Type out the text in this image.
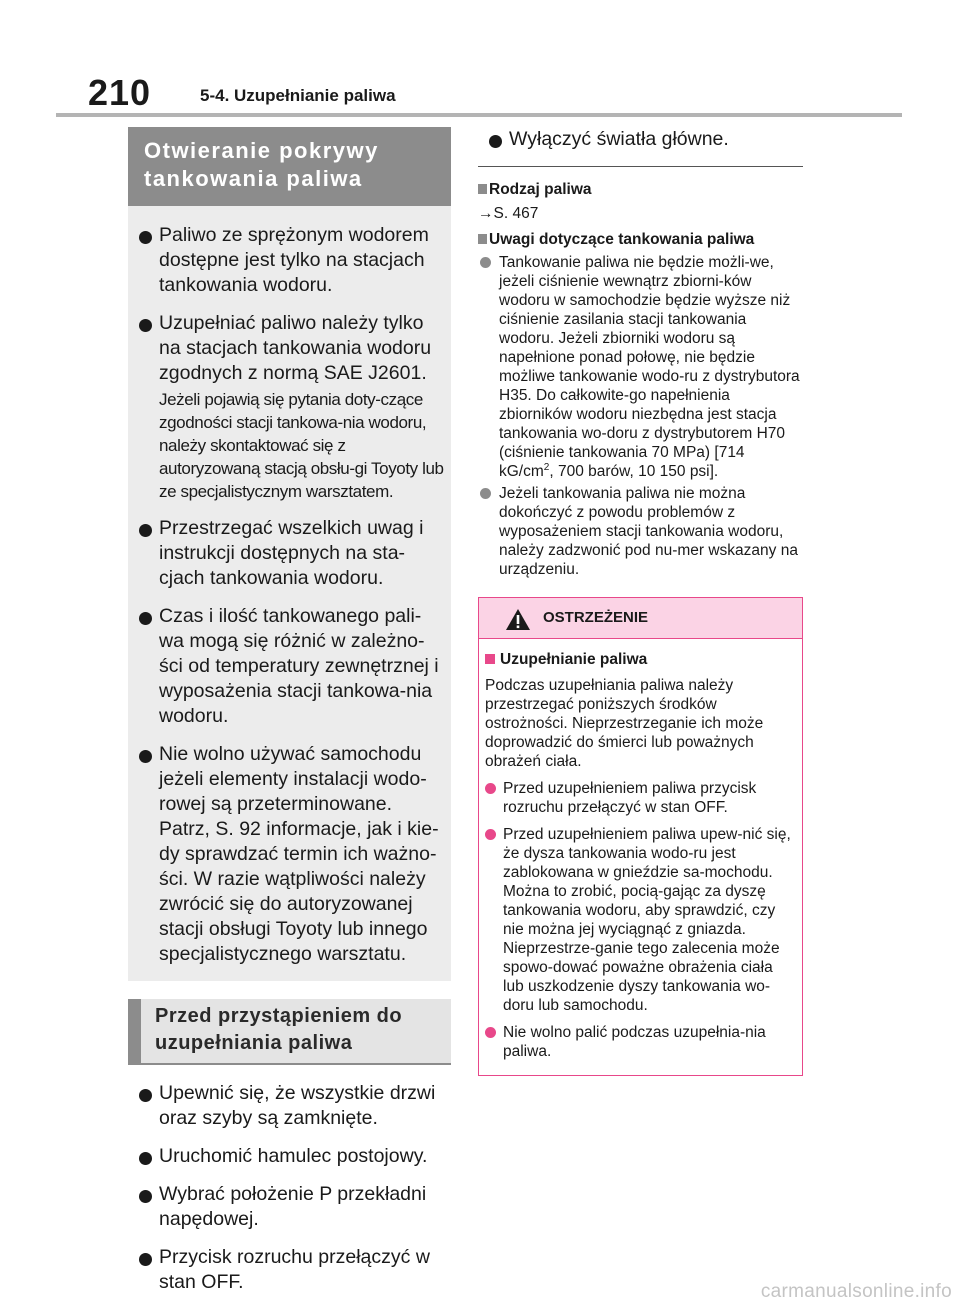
210	5-4. Uzupełnianie paliwa
Otwieranie pokrywy tankowania paliwa
Paliwo ze sprężonym wodorem dostępne jest tylko na stacjach tankowania wodoru.
Uzupełniać paliwo należy tylko na stacjach tankowania wodoru zgodnych z normą SAE J2601.
Jeżeli pojawią się pytania doty-czące zgodności stacji tankowa-nia wodoru, należy skontaktować się z autoryzowaną stacją obsłu-gi Toyoty lub ze specjalistycznym warsztatem.
Przestrzegać wszelkich uwag i instrukcji dostępnych na sta-cjach tankowania wodoru.
Czas i ilość tankowanego pali-wa mogą się różnić w zależno-ści od temperatury zewnętrznej i wyposażenia stacji tankowa-nia wodoru.
Nie wolno używać samochodu jeżeli elementy instalacji wodo-rowej są przeterminowane. Patrz, S. 92 informacje, jak i kie-dy sprawdzać termin ich ważno-ści. W razie wątpliwości należy zwrócić się do autoryzowanej stacji obsługi Toyoty lub innego specjalistycznego warsztatu.
Przed przystąpieniem do uzupełniania paliwa
Upewnić się, że wszystkie drzwi oraz szyby są zamknięte.
Uruchomić hamulec postojowy.
Wybrać położenie P przekładni napędowej.
Przycisk rozruchu przełączyć w stan OFF.
Wyłączyć światła główne.
Rodzaj paliwa
→S. 467
Uwagi dotyczące tankowania paliwa
Tankowanie paliwa nie będzie możli-we, jeżeli ciśnienie wewnątrz zbiorni-ków wodoru w samochodzie będzie wyższe niż ciśnienie zasilania stacji tankowania wodoru. Jeżeli zbiorniki wodoru są napełnione ponad połowę, nie będzie możliwe tankowanie wodo-ru z dystrybutora H35. Do całkowite-go napełnienia zbiorników wodoru niezbędna jest stacja tankowania wo-doru z dystrybutorem H70 (ciśnienie tankowania 70 MPa) [714 $kG/cm^2$, 700 barów, 10 150 psi].
Jeżeli tankowania paliwa nie można dokończyć z powodu problemów z wyposażeniem stacji tankowania wodoru, należy zadzwonić pod nu-mer wskazany na urządzeniu.
OSTRZEŻENIE
Uzupełnianie paliwa
Podczas uzupełniania paliwa należy przestrzegać poniższych środków ostrożności. Nieprzestrzeganie ich może doprowadzić do śmierci lub poważnych obrażeń ciała.
Przed uzupełnieniem paliwa przycisk rozruchu przełączyć w stan OFF.
Przed uzupełnieniem paliwa upew-nić się, że dysza tankowania wodo-ru jest zablokowana w gnieździe sa-mochodu. Można to zrobić, pocią-gając za dyszę tankowania wodoru, aby sprawdzić, czy nie można jej wyciągnąć z gniazda. Nieprzestrze-ganie tego zalecenia może spowo-dować poważne obrażenia ciała lub uszkodzenie dyszy tankowania wo-doru lub samochodu.
Nie wolno palić podczas uzupełnia-nia paliwa.
carmanualsonline.info
